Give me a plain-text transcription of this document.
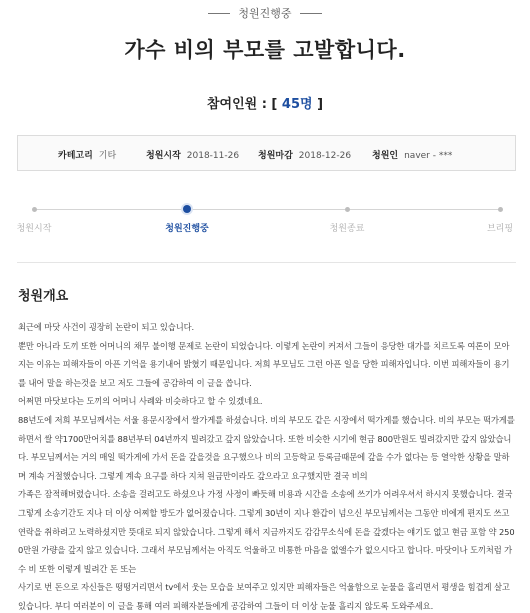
청원진행중
가수 비의 부모를 고발합니다.
참여인원 : [ 45명 ]
카테고리 기타	청원시작 2018-11-26 청원마감 2018-12-26 청원인 naver - ***
청원시작	청원진행중	청원종료	브리핑
청원개요

최근에 마닷 사건이 굉장히 논란이 되고 있습니다.

뿐만 아니라 도끼 또한 어머니의 채무 불이행 문제로 논란이 되었습니다. 이렇게 논란이 커져서 그들이 응당한 대가를 치르도록 여론이 모아

지는 이유는 피해자들이 아픈 기억을 용기내어 밝혔기 때문입니다. 저희 부모님도 그런 아픈 일을 당한 피해자입니다. 이번 피해자들이 용기

를 내어 말을 하는것을 보고 저도 그들에 공감하여 이 글을 씁니다.

어쩌면 마닷보다는 도끼의 어머니 사례와 비슷하다고 할 수 있겠네요.

88년도에 저희 부모님께서는 서울 용문시장에서 쌀가게를 하셨습니다. 비의 부모도 같은 시장에서 떡가게를 했습니다. 비의 부모는 떡가게를

하면서 쌀 약1700만어치를 88년부터 04년까지 빌려갔고 갚지 않았습니다. 또한 비슷한 시기에 현금 800만원도 빌려갔지만 갚지 않았습니

다. 부모님께서는 거의 매일 떡가게에 가서 돈을 갚을것을 요구했으나 비의 고등학교 등록금때문에 갚을 수가 없다는 등 열악한 상황을 말하

며 계속 거절했습니다. 그렇게 계속 요구를 하다 지쳐 원금만이라도 갚으라고 요구했지만 결국 비의

가족은 잠적해버렸습니다. 소송을 걸려고도 하셨으나 가정 사정이 빠듯해 비용과 시간을 소송에 쓰기가 어려우셔서 하시지 못했습니다. 결국

그렇게 소송기간도 지나 더 이상 어찌할 방도가 없어졌습니다. 그렇게 30년이 지나 환갑이 넘으신 부모님께서는 그동안 비에게 편지도 쓰고

연락을 취하려고 노력하셨지만 뜻대로 되지 않았습니다. 그렇게 해서 지금까지도 감감무소식에 돈을 갚겠다는 얘기도 없고 현금 포함 약 250

0만원 가량을 갚지 않고 있습니다. 그래서 부모님께서는 아직도 억울하고 비통한 마음을 없앨수가 없으시다고 합니다. 마닷이나 도끼처럼 가

수 비 또한 이렇게 빌려간 돈 또는

사기로 번 돈으로 자신들은 떵떵거리면서 tv에서 웃는 모습을 보여주고 있지만 피해자들은 억울함으로 눈물을 흘리면서 평생을 힘겹게 살고

있습니다. 부디 여러분이 이 글을 통해 여러 피해자분들에게 공감하여 그들이 더 이상 눈물 흘리지 않도록 도와주세요.
